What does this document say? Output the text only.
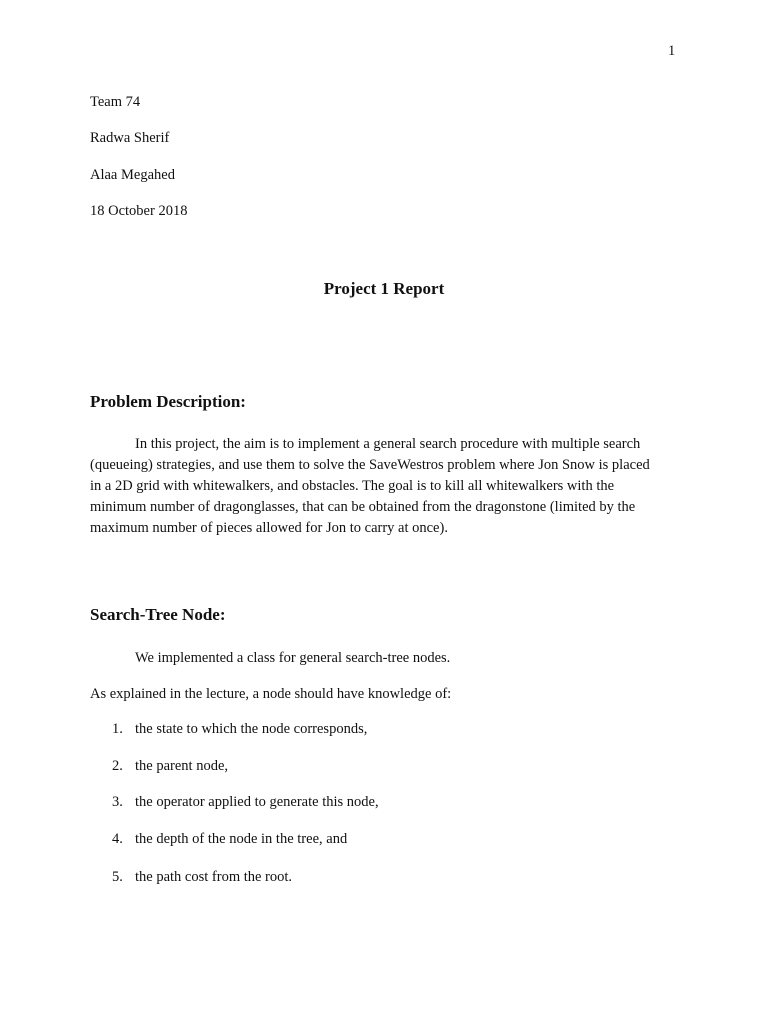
1
Team 74
Radwa Sherif
Alaa Megahed
18 October 2018
Project 1 Report
Problem Description:
In this project, the aim is to implement a general search procedure with multiple search
(queueing) strategies, and use them to solve the SaveWestros problem where Jon Snow is placed
in a 2D grid with whitewalkers, and obstacles. The goal is to kill all whitewalkers with the
minimum number of dragonglasses, that can be obtained from the dragonstone (limited by the
maximum number of pieces allowed for Jon to carry at once).
Search-Tree Node:
We implemented a class for general search-tree nodes.
As explained in the lecture, a node should have knowledge of:
1. the state to which the node corresponds,
2. the parent node,
3. the operator applied to generate this node,
4. the depth of the node in the tree, and
5. the path cost from the root.
